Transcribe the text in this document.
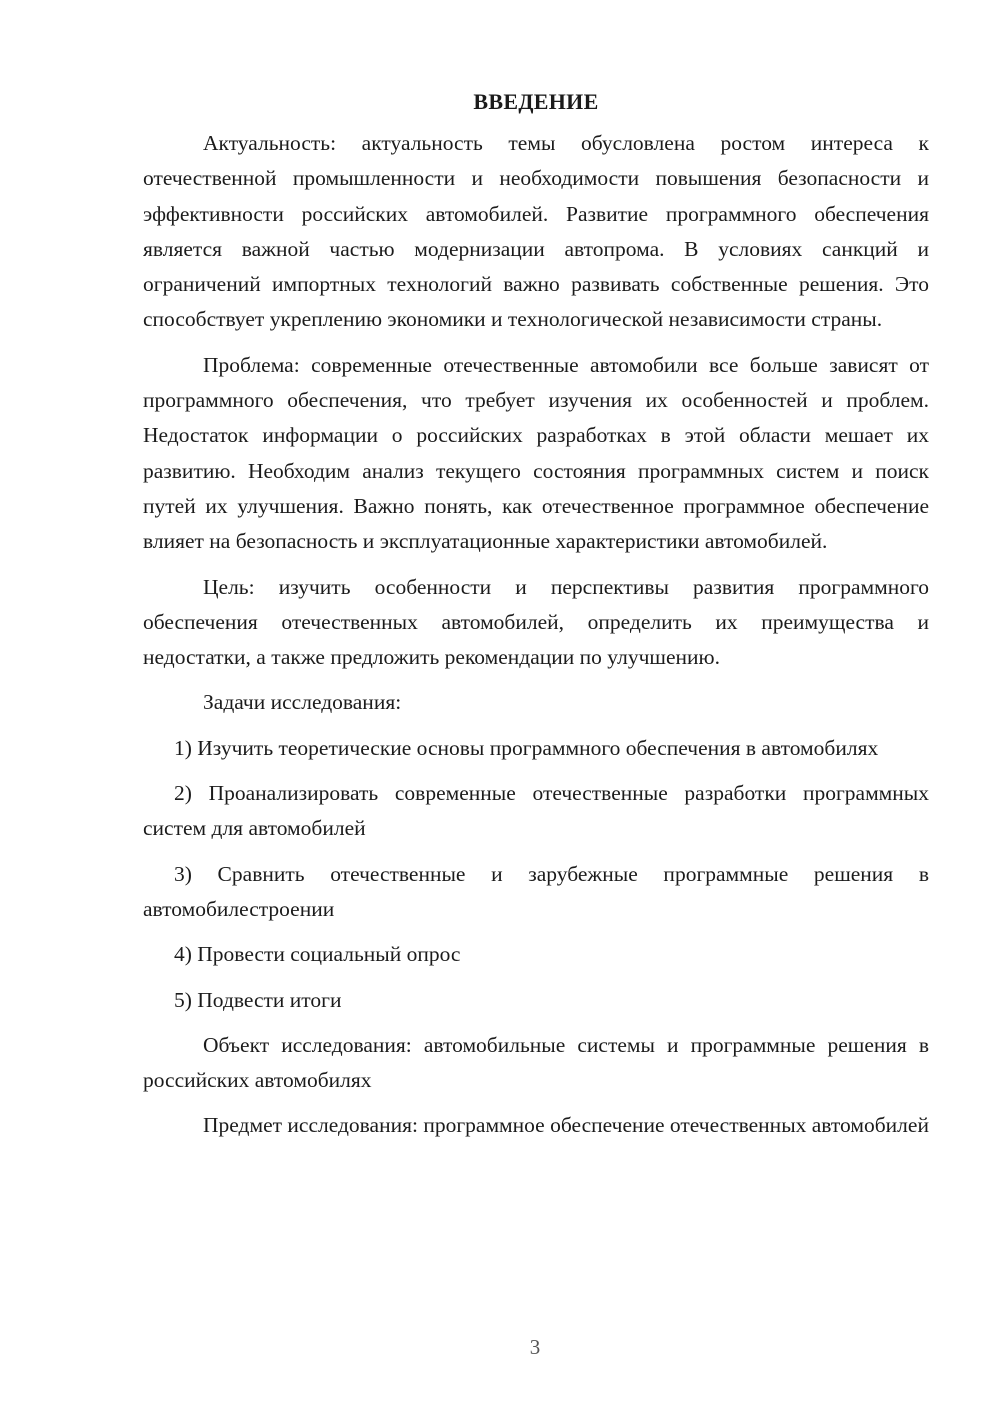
ВВЕДЕНИЕ

Актуальность: актуальность темы обусловлена ростом интереса к отечественной промышленности и необходимости повышения безопасности и эффективности российских автомобилей. Развитие программного обеспечения является важной частью модернизации автопрома. В условиях санкций и ограничений импортных технологий важно развивать собственные решения. Это способствует укреплению экономики и технологической независимости страны.

Проблема: современные отечественные автомобили все больше зависят от программного обеспечения, что требует изучения их особенностей и проблем. Недостаток информации о российских разработках в этой области мешает их развитию. Необходим анализ текущего состояния программных систем и поиск путей их улучшения. Важно понять, как отечественное программное обеспечение влияет на безопасность и эксплуатационные характеристики автомобилей.

Цель: изучить особенности и перспективы развития программного обеспечения отечественных автомобилей, определить их преимущества и недостатки, а также предложить рекомендации по улучшению.

Задачи исследования:

1) Изучить теоретические основы программного обеспечения в автомобилях

2) Проанализировать современные отечественные разработки программных систем для автомобилей

3) Сравнить отечественные и зарубежные программные решения в автомобилестроении

4) Провести социальный опрос

5) Подвести итоги

Объект исследования: автомобильные системы и программные решения в российских автомобилях

Предмет исследования: программное обеспечение отечественных автомобилей

3
